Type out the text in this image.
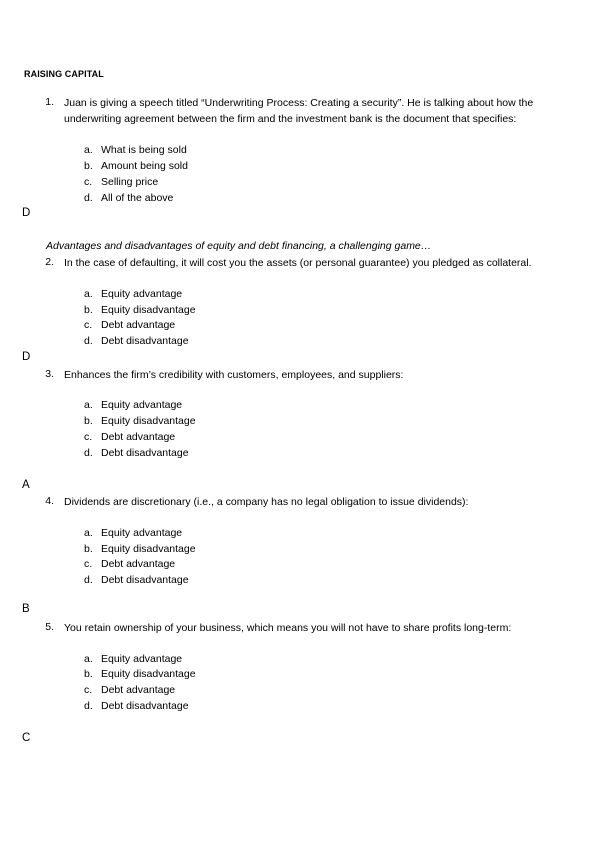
RAISING CAPITAL
1. Juan is giving a speech titled “Underwriting Process: Creating a security”. He is talking about how the
underwriting agreement between the firm and the investment bank is the document that specifies:
a. What is being sold
b. Amount being sold
c. Selling price
d. All of the above
D
Advantages and disadvantages of equity and debt financing, a challenging game…
2. In the case of defaulting, it will cost you the assets (or personal guarantee) you pledged as collateral.
a. Equity advantage
b. Equity disadvantage
c. Debt advantage
d. Debt disadvantage
D
3. Enhances the firm’s credibility with customers, employees, and suppliers:
a. Equity advantage
b. Equity disadvantage
c. Debt advantage
d. Debt disadvantage
A
4. Dividends are discretionary (i.e., a company has no legal obligation to issue dividends):
a. Equity advantage
b. Equity disadvantage
c. Debt advantage
d. Debt disadvantage
B
5. You retain ownership of your business, which means you will not have to share profits long-term:
a. Equity advantage
b. Equity disadvantage
c. Debt advantage
d. Debt disadvantage
C
